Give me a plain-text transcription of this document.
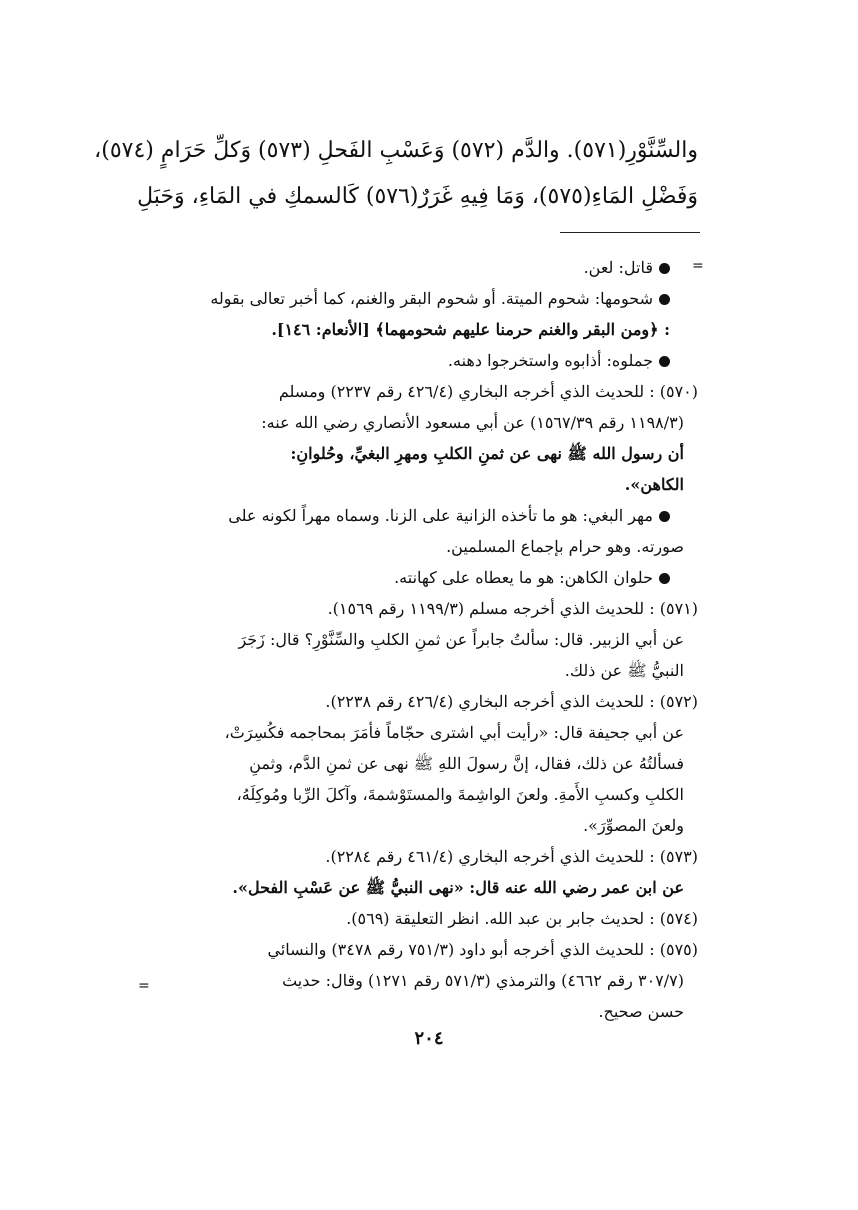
والسِّنَّوْرِ(٥٧١). والدَّم (٥٧٢) وَعَسْبِ الفَحلِ (٥٧٣) وَكلِّ حَرَامٍ (٥٧٤)،
وَفَضْلِ المَاءِ(٥٧٥)، وَمَا فِيهِ غَرَرٌ(٥٧٦) كَالسمكِ في المَاءِ، وَحَبَلِ
=
قاتل: لعن.
شحومها: شحوم الميتة. أو شحوم البقر والغنم، كما أخبر تعالى بقوله
: ﴿ومن البقر والغنم حرمنا عليهم شحومهما﴾ [الأنعام: ١٤٦].
جملوه: أذابوه واستخرجوا دهنه.
(٥٧٠) : للحديث الذي أخرجه البخاري (٤٢٦/٤ رقم ٢٢٣٧) ومسلم
(١١٩٨/٣ رقم ١٥٦٧/٣٩) عن أبي مسعود الأنصاري رضي الله عنه:
أن رسول الله ﷺ نهى عن ثمنِ الكلبِ ومهرِ البغيِّ، وحُلوانِ:
الكاهن».
مهر البغي: هو ما تأخذه الزانية على الزنا. وسماه مهراً لكونه على
صورته. وهو حرام بإجماع المسلمين.
حلوان الكاهن: هو ما يعطاه على كهانته.
(٥٧١) : للحديث الذي أخرجه مسلم (١١٩٩/٣ رقم ١٥٦٩).
عن أبي الزبير. قال: سألتُ جابراً عن ثمنِ الكلبِ والسِّنَّوْرِ؟ قال: زَجَرَ
النبيُّ ﷺ عن ذلك.
(٥٧٢) : للحديث الذي أخرجه البخاري (٤٢٦/٤ رقم ٢٢٣٨).
عن أبي جحيفة قال: «رأيت أبي اشترى حجّاماً فأمَرَ بمحاجمه فكُسِرَتْ،
فسألتُهُ عن ذلك، فقال، إنَّ رسولَ اللهِ ﷺ نهى عن ثمنِ الدَّم، وثمنِ
الكلبِ وكسبِ الأَمةِ. ولعنَ الواشِمةَ والمستَوْشمةَ، وآكلَ الرِّبا ومُوكِلَهُ،
ولعنَ المصوِّرَ».
(٥٧٣) : للحديث الذي أخرجه البخاري (٤٦١/٤ رقم ٢٢٨٤).
عن ابن عمر رضي الله عنه قال: «نهى النبيُّ ﷺ عن عَسْبِ الفحل».
(٥٧٤) : لحديث جابر بن عبد الله. انظر التعليقة (٥٦٩).
(٥٧٥) : للحديث الذي أخرجه أبو داود (٧٥١/٣ رقم ٣٤٧٨) والنسائي
(٣٠٧/٧ رقم ٤٦٦٢) والترمذي (٥٧١/٣ رقم ١٢٧١) وقال: حديث
حسن صحيح.
=
٢٠٤
